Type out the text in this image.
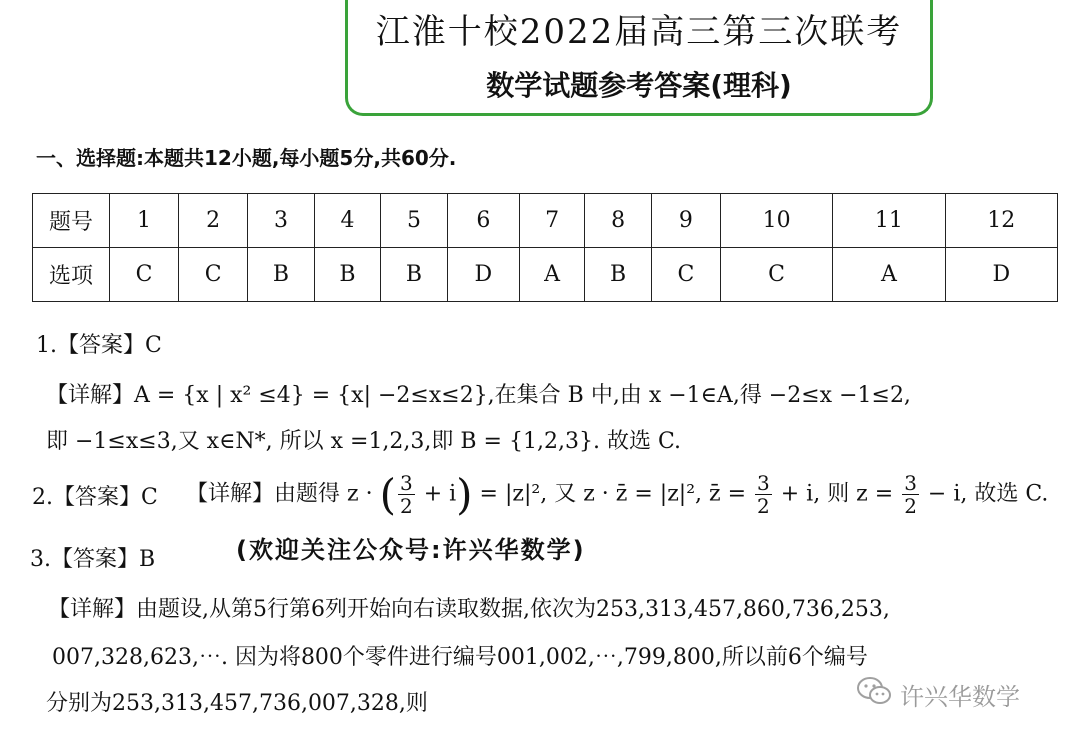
江淮十校2022届高三第三次联考
数学试题参考答案(理科)
一、选择题:本题共12小题,每小题5分,共60分.
题号	1	2	3	4	5	6	7	8	9	10	11	12
选项	C	C	B	B	B	D	A	B	C	C	A	D
1.【答案】C
【详解】A = {x | x² ≤4} = {x| −2≤x≤2},在集合 B 中,由 x −1∈A,得 −2≤x −1≤2,
即 −1≤x≤3,又 x∈N*, 所以 x =1,2,3,即 B = {1,2,3}. 故选 C.
2.【答案】C 【详解】由题得 z · ( $\frac{3}{2} + i) = |z|^2$, 又 z · z̄ = |z|², z̄ = $\frac{3}{2} + i$, 则 $z = \frac{3}{2} - i$, 故选 C.
(欢迎关注公众号:许兴华数学)
3.【答案】B
【详解】由题设,从第5行第6列开始向右读取数据,依次为253,313,457,860,736,253,
007,328,623,⋯. 因为将800个零件进行编号001,002,⋯,799,800,所以前6个编号
分别为253,313,457,736,007,328,则	许兴华数学
